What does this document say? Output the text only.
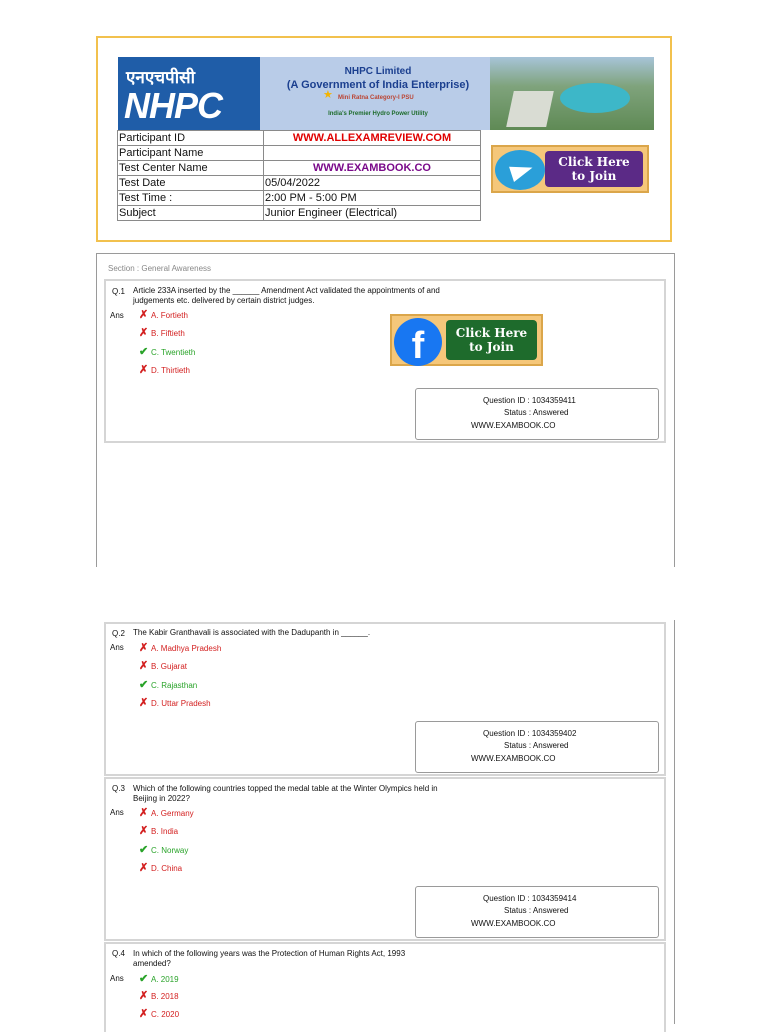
एनएचपीसी
NHPC
NHPC Limited
(A Government of India Enterprise)
★ Mini Ratna Category-I PSU
India's Premier Hydro Power Utility
Participant ID	WWW.ALLEXAMREVIEW.COM

Participant Name	
Test Center Name	WWW.EXAMBOOK.CO

Test Date	05/04/2022
Test Time :	2:00 PM - 5:00 PM
Subject	Junior Engineer (Electrical)
Click Here
to Join
Section : General Awareness
Q.1 Article 233A inserted by the ______ Amendment Act validated the appointments of and
judgements etc. delivered by certain district judges.
Ans ✗ A. Fortieth
✗ B. Fiftieth
✔ C. Twentieth
✗ D. Thirtieth
f	Click Here
to Join
Question ID : 1034359411
Status : Answered
WWW.EXAMBOOK.CO
Q.2 The Kabir Granthavali is associated with the Dadupanth in ______.
Ans ✗ A. Madhya Pradesh
✗ B. Gujarat
✔ C. Rajasthan
✗ D. Uttar Pradesh
Question ID : 1034359402
Status : Answered
WWW.EXAMBOOK.CO
Q.3 Which of the following countries topped the medal table at the Winter Olympics held in
Beijing in 2022?
Ans ✗ A. Germany
✗ B. India
✔ C. Norway
✗ D. China
Question ID : 1034359414
Status : Answered
WWW.EXAMBOOK.CO
Q.4 In which of the following years was the Protection of Human Rights Act, 1993
amended?
Ans ✔ A. 2019
✗ B. 2018
✗ C. 2020
